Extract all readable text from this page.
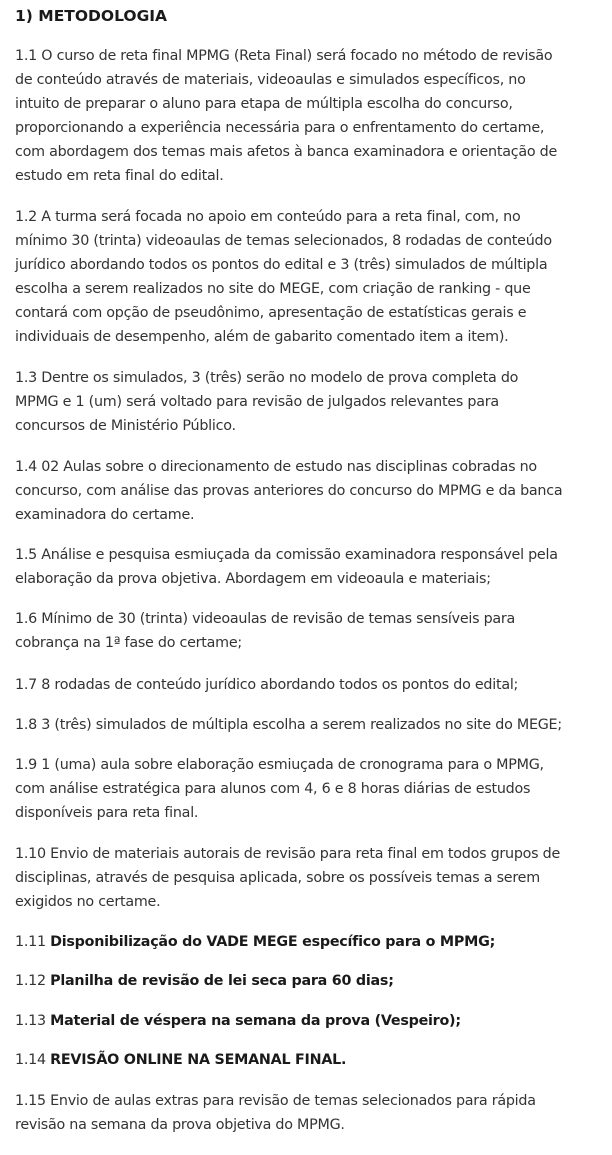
1) METODOLOGIA

1.1 O curso de reta final MPMG (Reta Final) será focado no método de revisão

de conteúdo através de materiais, videoaulas e simulados específicos, no

intuito de preparar o aluno para etapa de múltipla escolha do concurso,

proporcionando a experiência necessária para o enfrentamento do certame,

com abordagem dos temas mais afetos à banca examinadora e orientação de

estudo em reta final do edital.

1.2 A turma será focada no apoio em conteúdo para a reta final, com, no

mínimo 30 (trinta) videoaulas de temas selecionados, 8 rodadas de conteúdo

jurídico abordando todos os pontos do edital e 3 (três) simulados de múltipla

escolha a serem realizados no site do MEGE, com criação de ranking - que

contará com opção de pseudônimo, apresentação de estatísticas gerais e

individuais de desempenho, além de gabarito comentado item a item).

1.3 Dentre os simulados, 3 (três) serão no modelo de prova completa do

MPMG e 1 (um) será voltado para revisão de julgados relevantes para

concursos de Ministério Público.

1.4 02 Aulas sobre o direcionamento de estudo nas disciplinas cobradas no

concurso, com análise das provas anteriores do concurso do MPMG e da banca

examinadora do certame.

1.5 Análise e pesquisa esmiuçada da comissão examinadora responsável pela

elaboração da prova objetiva. Abordagem em videoaula e materiais;

1.6 Mínimo de 30 (trinta) videoaulas de revisão de temas sensíveis para

cobrança na 1ª fase do certame;

1.7 8 rodadas de conteúdo jurídico abordando todos os pontos do edital;

1.8 3 (três) simulados de múltipla escolha a serem realizados no site do MEGE;

1.9 1 (uma) aula sobre elaboração esmiuçada de cronograma para o MPMG,

com análise estratégica para alunos com 4, 6 e 8 horas diárias de estudos

disponíveis para reta final.

1.10 Envio de materiais autorais de revisão para reta final em todos grupos de

disciplinas, através de pesquisa aplicada, sobre os possíveis temas a serem

exigidos no certame.

1.11 Disponibilização do VADE MEGE específico para o MPMG;

1.12 Planilha de revisão de lei seca para 60 dias;

1.13 Material de véspera na semana da prova (Vespeiro);

1.14 REVISÃO ONLINE NA SEMANAL FINAL.

1.15 Envio de aulas extras para revisão de temas selecionados para rápida

revisão na semana da prova objetiva do MPMG.
